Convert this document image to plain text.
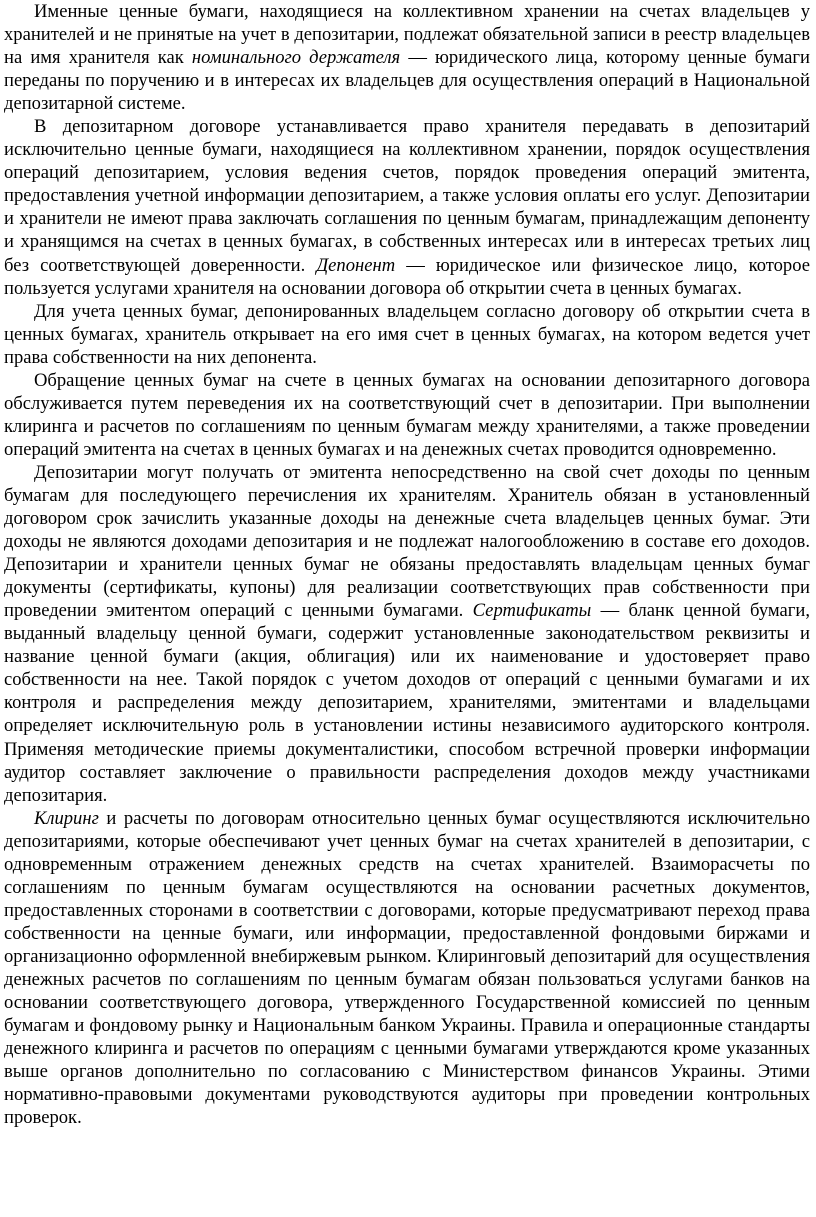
Именные ценные бумаги, находящиеся на коллективном хранении на счетах владельцев у хранителей и не принятые на учет в депозитарии, подлежат обязательной записи в реестр владельцев на имя хранителя как номинального держателя — юридического лица, которому ценные бумаги переданы по поручению и в интересах их владельцев для осуществления операций в Национальной депозитарной системе.

В депозитарном договоре устанавливается право хранителя передавать в депозитарий исключительно ценные бумаги, находящиеся на коллективном хранении, порядок осуществления операций депозитарием, условия ведения счетов, порядок проведения операций эмитента, предоставления учетной информации депозитарием, а также условия оплаты его услуг. Депозитарии и хранители не имеют права заключать соглашения по ценным бумагам, принадлежащим депоненту и хранящимся на счетах в ценных бумагах, в собственных интересах или в интересах третьих лиц без соответствующей доверенности. Депонент — юридическое или физическое лицо, которое пользуется услугами хранителя на основании договора об открытии счета в ценных бумагах.

Для учета ценных бумаг, депонированных владельцем согласно договору об открытии счета в ценных бумагах, хранитель открывает на его имя счет в ценных бумагах, на котором ведется учет права собственности на них депонента.

Обращение ценных бумаг на счете в ценных бумагах на основании депозитарного договора обслуживается путем переведения их на соответствующий счет в депозитарии. При выполнении клиринга и расчетов по соглашениям по ценным бумагам между хранителями, а также проведении операций эмитента на счетах в ценных бумагах и на денежных счетах проводится одновременно.

Депозитарии могут получать от эмитента непосредственно на свой счет доходы по ценным бумагам для последующего перечисления их хранителям. Хранитель обязан в установленный договором срок зачислить указанные доходы на денежные счета владельцев ценных бумаг. Эти доходы не являются доходами депозитария и не подлежат налогообложению в составе его доходов. Депозитарии и хранители ценных бумаг не обязаны предоставлять владельцам ценных бумаг документы (сертификаты, купоны) для реализации соответствующих прав собственности при проведении эмитентом операций с ценными бумагами. Сертификаты — бланк ценной бумаги, выданный владельцу ценной бумаги, содержит установленные законодательством реквизиты и название ценной бумаги (акция, облигация) или их наименование и удостоверяет право собственности на нее. Такой порядок с учетом доходов от операций с ценными бумагами и их контроля и распределения между депозитарием, хранителями, эмитентами и владельцами определяет исключительную роль в установлении истины независимого аудиторского контроля. Применяя методические приемы документалистики, способом встречной проверки информации аудитор составляет заключение о правильности распределения доходов между участниками депозитария.

Клиринг и расчеты по договорам относительно ценных бумаг осуществляются исключительно депозитариями, которые обеспечивают учет ценных бумаг на счетах хранителей в депозитарии, с одновременным отражением денежных средств на счетах хранителей. Взаиморасчеты по соглашениям по ценным бумагам осуществляются на основании расчетных документов, предоставленных сторонами в соответствии с договорами, которые предусматривают переход права собственности на ценные бумаги, или информации, предоставленной фондовыми биржами и организационно оформленной внебиржевым рынком. Клиринговый депозитарий для осуществления денежных расчетов по соглашениям по ценным бумагам обязан пользоваться услугами банков на основании соответствующего договора, утвержденного Государственной комиссией по ценным бумагам и фондовому рынку и Национальным банком Украины. Правила и операционные стандарты денежного клиринга и расчетов по операциям с ценными бумагами утверждаются кроме указанных выше органов дополнительно по согласованию с Министерством финансов Украины. Этими нормативно-правовыми документами руководствуются аудиторы при проведении контрольных проверок.
